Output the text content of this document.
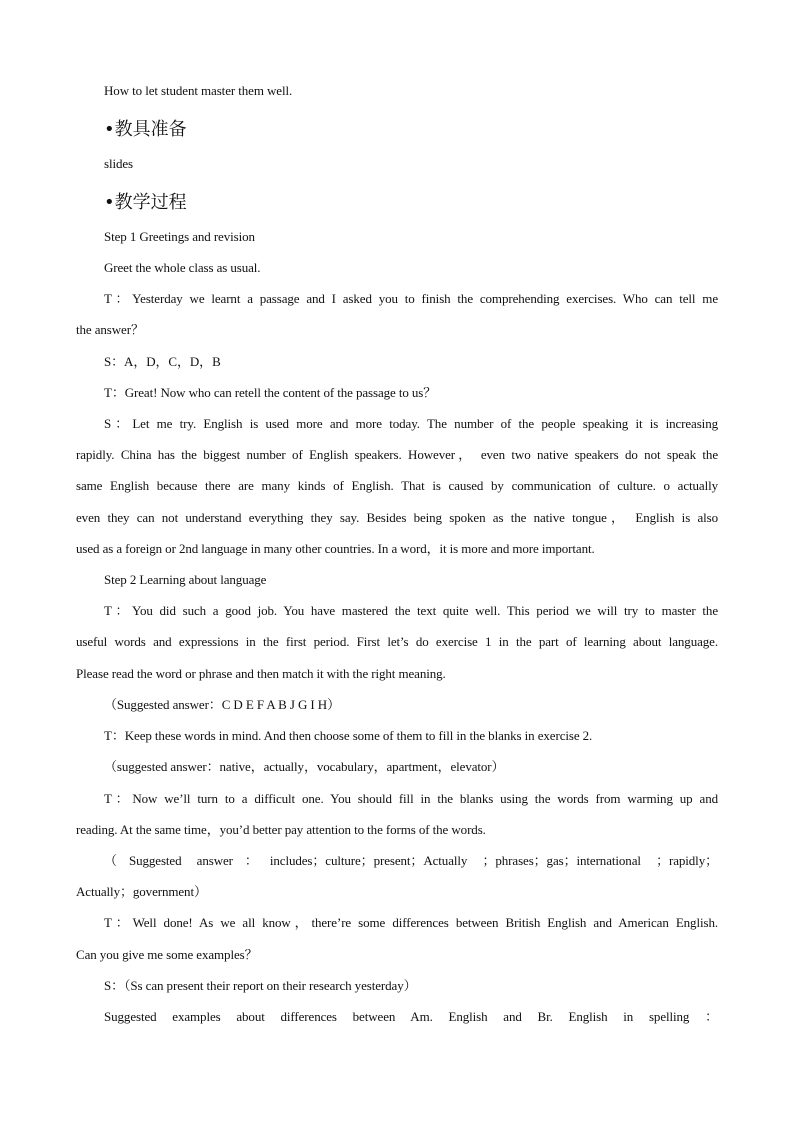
How to let student master them well.
•教具准备
slides
•教学过程
Step 1 Greetings and revision
Greet the whole class as usual.
T：Yesterday we learnt a passage and I asked you to finish the comprehending exercises. Who can tell me
the answer？
S：A，D，C，D，B
T：Great! Now who can retell the content of the passage to us？
S：Let me try. English is used more and more today. The number of the people speaking it is increasing
rapidly. China has the biggest number of English speakers. However， even two native speakers do not speak the
same English because there are many kinds of English. That is caused by communication of culture. o actually
even they can not understand everything they say. Besides being spoken as the native tongue， English is also
used as a foreign or 2nd language in many other countries. In a word，it is more and more important.
Step 2 Learning about language
T：You did such a good job. You have mastered the text quite well. This period we will try to master the
useful words and expressions in the first period. First let’s do exercise 1 in the part of learning about language.
Please read the word or phrase and then match it with the right meaning.
（Suggested answer：C D E F A B J G I H）
T：Keep these words in mind. And then choose some of them to fill in the blanks in exercise 2.
（suggested answer：native，actually，vocabulary，apartment，elevator）
T：Now we’ll turn to a difficult one. You should fill in the blanks using the words from warming up and
reading. At the same time，you’d better pay attention to the forms of the words.
（Suggested answer：includes；culture；present；Actually ；phrases；gas；international ；rapidly；
Actually；government）
T：Well done! As we all know，there’re some differences between British English and American English.
Can you give me some examples？
S：（Ss can present their report on their research yesterday）
Suggested examples about differences between Am. English and Br. English in spelling ：
